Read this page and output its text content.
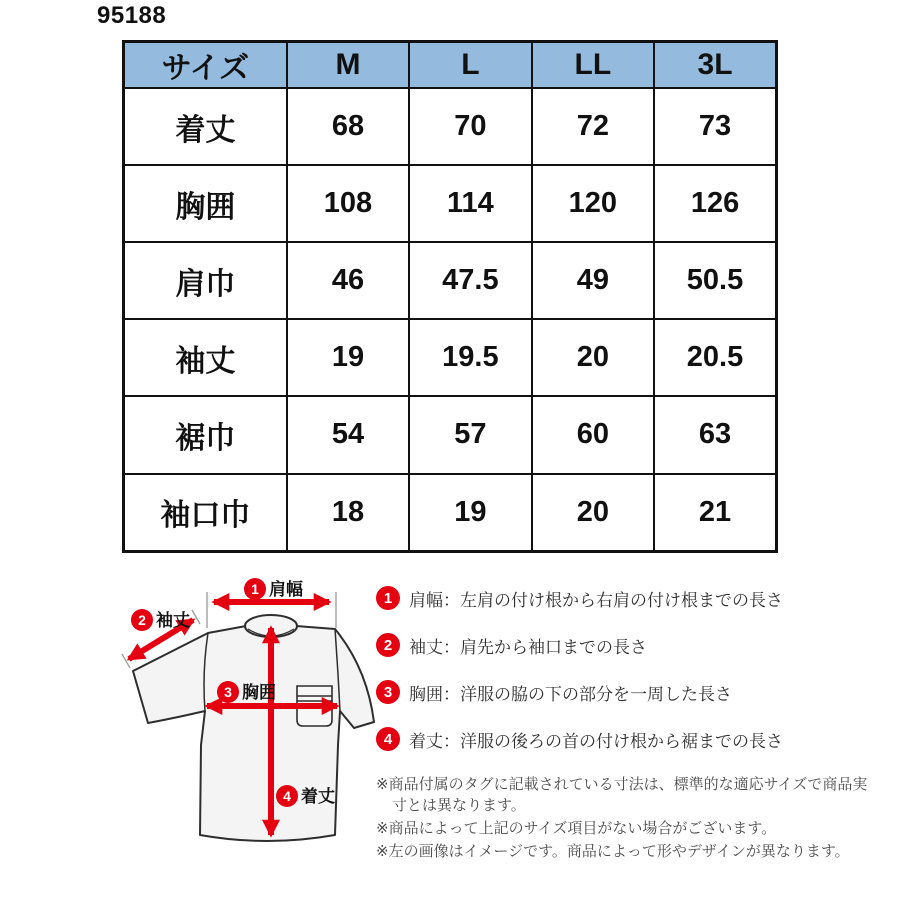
95188
サイズ	M	L	LL	3L
着丈	68	70	72	73
胸囲	108	114	120	126
肩巾	46	47.5	49	50.5
袖丈	19	19.5	20	20.5
裾巾	54	57	60	63
袖口巾	18	19	20	21
1 肩幅
2 袖丈
3 胸囲
4 着丈
1 肩幅：左肩の付け根から右肩の付け根までの長さ
2 袖丈：肩先から袖口までの長さ
3 胸囲：洋服の脇の下の部分を一周した長さ
4 着丈：洋服の後ろの首の付け根から裾までの長さ

※商品付属のタグに記載されている寸法は、標準的な適応サイズで商品実寸とは異なります。

※商品によって上記のサイズ項目がない場合がございます。

※左の画像はイメージです。商品によって形やデザインが異なります。
